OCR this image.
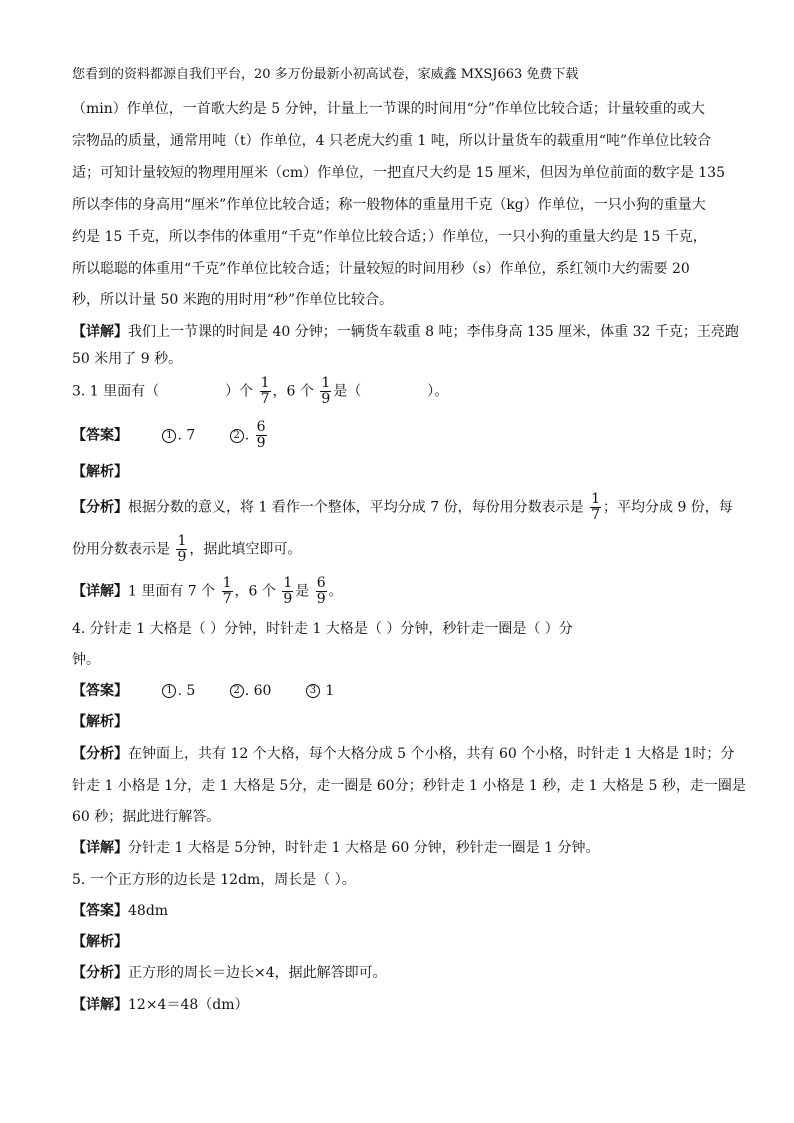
您看到的资料都源自我们平台，20 多万份最新小初高试卷，家威鑫 MXSJ663 免费下载
（min）作单位，一首歌大约是 5 分钟，计量上一节课的时间用“分”作单位比较合适；计量较重的或大
宗物品的质量，通常用吨（t）作单位，4 只老虎大约重 1 吨，所以计量货车的载重用“吨”作单位比较合
适；可知计量较短的物理用厘米（cm）作单位，一把直尺大约是 15 厘米，但因为单位前面的数字是 135
所以李伟的身高用“厘米”作单位比较合适；称一般物体的重量用千克（kg）作单位，一只小狗的重量大
约是 15 千克，所以李伟的体重用“千克”作单位比较合适；）作单位，一只小狗的重量大约是 15 千克，
所以聪聪的体重用“千克”作单位比较合适；计量较短的时间用秒（s）作单位，系红领巾大约需要 20
秒，所以计量 50 米跑的用时用“秒”作单位比较合。
【详解】我们上一节课的时间是 40 分钟；一辆货车载重 8 吨；李伟身高 135 厘米，体重 32 千克；王亮跑
50 米用了 9 秒。
3. 1 里面有（	）个 $\frac{1}{7}$ ，6 个 $\frac{1}{9}$ 是（	）。
【答案】	1 . 7	2 . $\frac{6}{9}$
【解析】
【分析】根据分数的意义，将 1 看作一个整体，平均分成 7 份，每份用分数表示是 $\frac{1}{7}$ ；平均分成 9 份，每
份用分数表示是 $\frac{1}{9}$ ，据此填空即可。
【详解】1 里面有 7 个 $\frac{1}{7}$ ，6 个 $\frac{1}{9}$ 是 $\frac{6}{9}$ 。
4. 分针走 1 大格是（ ）分钟，时针走 1 大格是（ ）分钟，秒针走一圈是（ ）分
钟。
【答案】	1 . 5	2 . 60	3 1
【解析】
【分析】在钟面上，共有 12 个大格，每个大格分成 5 个小格，共有 60 个小格，时针走 1 大格是 1时；分
针走 1 小格是 1分，走 1 大格是 5分，走一圈是 60分；秒针走 1 小格是 1 秒，走 1 大格是 5 秒，走一圈是
60 秒；据此进行解答。
【详解】分针走 1 大格是 5分钟，时针走 1 大格是 60 分钟，秒针走一圈是 1 分钟。
5. 一个正方形的边长是 12dm，周长是（ ）。
【答案】48dm
【解析】
【分析】正方形的周长＝边长×4，据此解答即可。
【详解】12×4＝48（dm）
